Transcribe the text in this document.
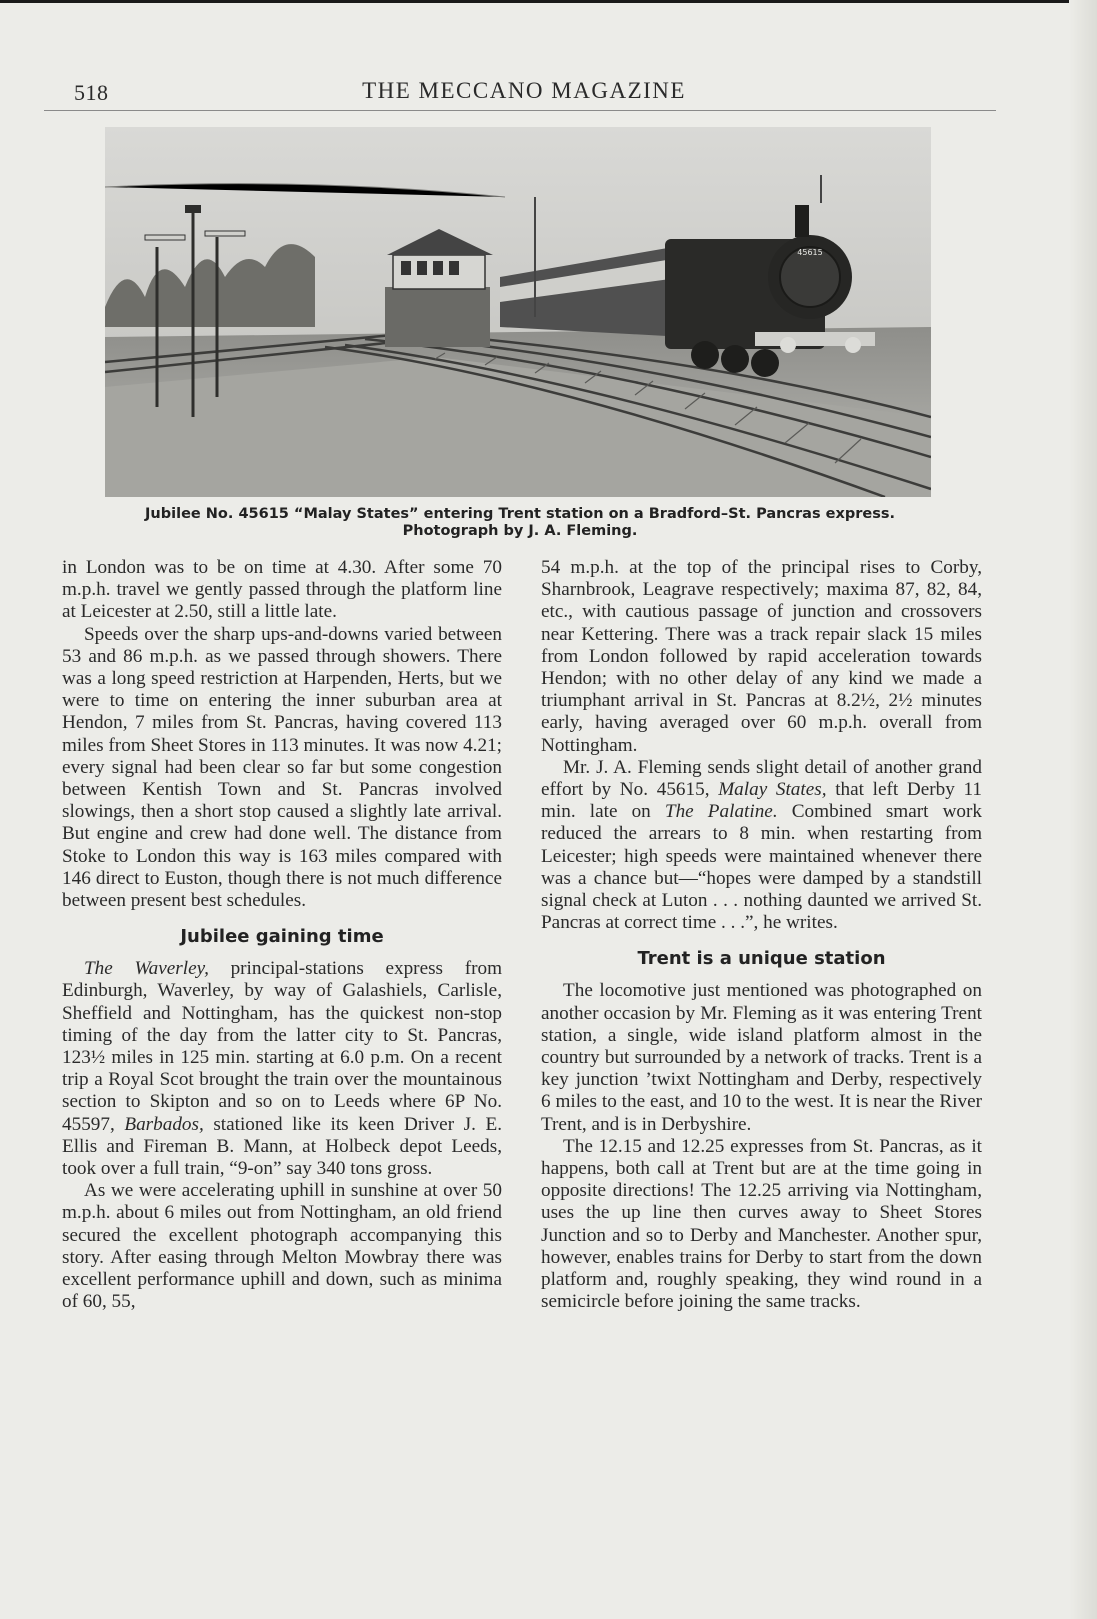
518	THE MECCANO MAGAZINE
45615
Jubilee No. 45615 “Malay States” entering Trent station on a Bradford–St. Pancras express. Photograph by J. A. Fleming.

in London was to be on time at 4.30. After some 70 m.p.h. travel we gently passed through the platform line at Leicester at 2.50, still a little late.

Speeds over the sharp ups-and-downs varied between 53 and 86 m.p.h. as we passed through showers. There was a long speed restriction at Harpenden, Herts, but we were to time on entering the inner suburban area at Hendon, 7 miles from St. Pancras, having covered 113 miles from Sheet Stores in 113 minutes. It was now 4.21; every signal had been clear so far but some congestion between Kentish Town and St. Pancras involved slowings, then a short stop caused a slightly late arrival. But engine and crew had done well. The distance from Stoke to London this way is 163 miles compared with 146 direct to Euston, though there is not much difference between present best schedules.

Jubilee gaining time

The Waverley, principal-stations express from Edinburgh, Waverley, by way of Galashiels, Carlisle, Sheffield and Nottingham, has the quickest non-stop timing of the day from the latter city to St. Pancras, 123½ miles in 125 min. starting at 6.0 p.m. On a recent trip a Royal Scot brought the train over the mountainous section to Skipton and so on to Leeds where 6P No. 45597, Barbados, stationed like its keen Driver J. E. Ellis and Fireman B. Mann, at Holbeck depot Leeds, took over a full train, “9-on” say 340 tons gross.

As we were accelerating uphill in sunshine at over 50 m.p.h. about 6 miles out from Nottingham, an old friend secured the excellent photograph accompanying this story. After easing through Melton Mowbray there was excellent performance uphill and down, such as minima of 60, 55,

54 m.p.h. at the top of the principal rises to Corby, Sharnbrook, Leagrave respectively; maxima 87, 82, 84, etc., with cautious passage of junction and crossovers near Kettering. There was a track repair slack 15 miles from London followed by rapid acceleration towards Hendon; with no other delay of any kind we made a triumphant arrival in St. Pancras at 8.2½, 2½ minutes early, having averaged over 60 m.p.h. overall from Nottingham.

Mr. J. A. Fleming sends slight detail of another grand effort by No. 45615, Malay States, that left Derby 11 min. late on The Palatine. Combined smart work reduced the arrears to 8 min. when restarting from Leicester; high speeds were maintained whenever there was a chance but—“hopes were damped by a standstill signal check at Luton . . . nothing daunted we arrived St. Pancras at correct time . . .”, he writes.

Trent is a unique station

The locomotive just mentioned was photographed on another occasion by Mr. Fleming as it was entering Trent station, a single, wide island platform almost in the country but surrounded by a network of tracks. Trent is a key junction ’twixt Nottingham and Derby, respectively 6 miles to the east, and 10 to the west. It is near the River Trent, and is in Derbyshire.

The 12.15 and 12.25 expresses from St. Pancras, as it happens, both call at Trent but are at the time going in opposite directions! The 12.25 arriving via Nottingham, uses the up line then curves away to Sheet Stores Junction and so to Derby and Manchester. Another spur, however, enables trains for Derby to start from the down platform and, roughly speaking, they wind round in a semicircle before joining the same tracks.
